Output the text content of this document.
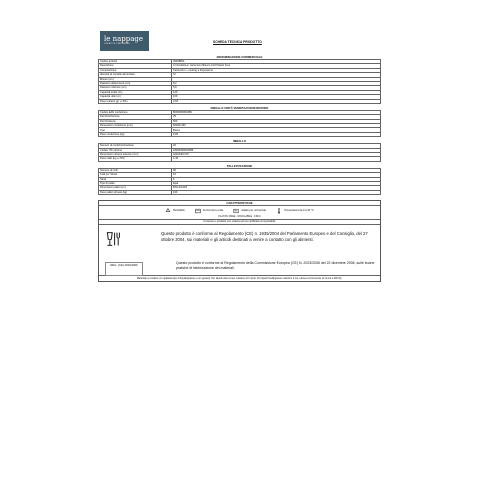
le nappage
CREATIVE TABLEWARE	SCHEDA TECNICA PRODOTTO
DENOMINAZIONE COMMERCIALE
Codice articolo	00408BIA
Descrizione	Ct Scodella in cartoncino Bianco 12cl Plastic Free
Composizione	Cartoncino + coating a dispersione
Idoneità al contatto alimentare	SI
Misure (cm)	
Diametro della bocca (cm)	8,2
Diametro inferiore (cm)	5,8
Capacità totale (cc)	120
Capacità utile (cc)	100
Peso unitario (gr +/-5%)	2,65
IMBALLO UNITÀ VENDITA/CONSUMATORE
Codice EAN confezione	8006296004089
Pezzi/confezione	25
Pezzi/cartone	500
Dimensioni confezione (mm)	82x82x160
Tipo	Busta
Peso confezione (kg)	0,06
IMBALLO
Numero di confezioni/cartone	20
Codice ITF cartone	18006296004086
Dimensioni cartone esterne (mm)	420x340x170
Peso collo (kg +/-5%)	1,46
PALLETIZZAZIONE
Numero di Colli	96
Colli per Strato	16
Strati	6
Tipo di pallet	Epal
Dimensioni pallet (cm)	80x120x118
Peso pallet stimato (kg)	160
CARATTERISTICHE
Riciclabile	Forno/micro-onde	Adatto per microonde	Temperatura da 0 a 90 °C
PLASTIC FREE · RICICLABILE · FSFC
Il tessuto e prodotto con materia prima certificata compostabile
Questo prodotto è conforme al Regolamento (CE) n. 1935/2004 del Parlamento Europeo e del Consiglio, del 27 ottobre 2004, sui materiali e gli articoli destinati a venire a contatto con gli alimenti.
REG. (CE) 2023/2006	Questo prodotto è conforme al Regolamento della Commissione Europea (CE) N. 2023/2006 del 22 dicembre 2006, sulle buone pratiche di fabbricazione dei materiali.
Materiale a contatto con qualsiasi tipo di liquido/grasso e non grasso). Per liquidi sotto tempo massimo 10 minuti. Per liquidi freddi/grasso massimo 3 ore, idoneo al microonde (2 minuti a 600 W).
